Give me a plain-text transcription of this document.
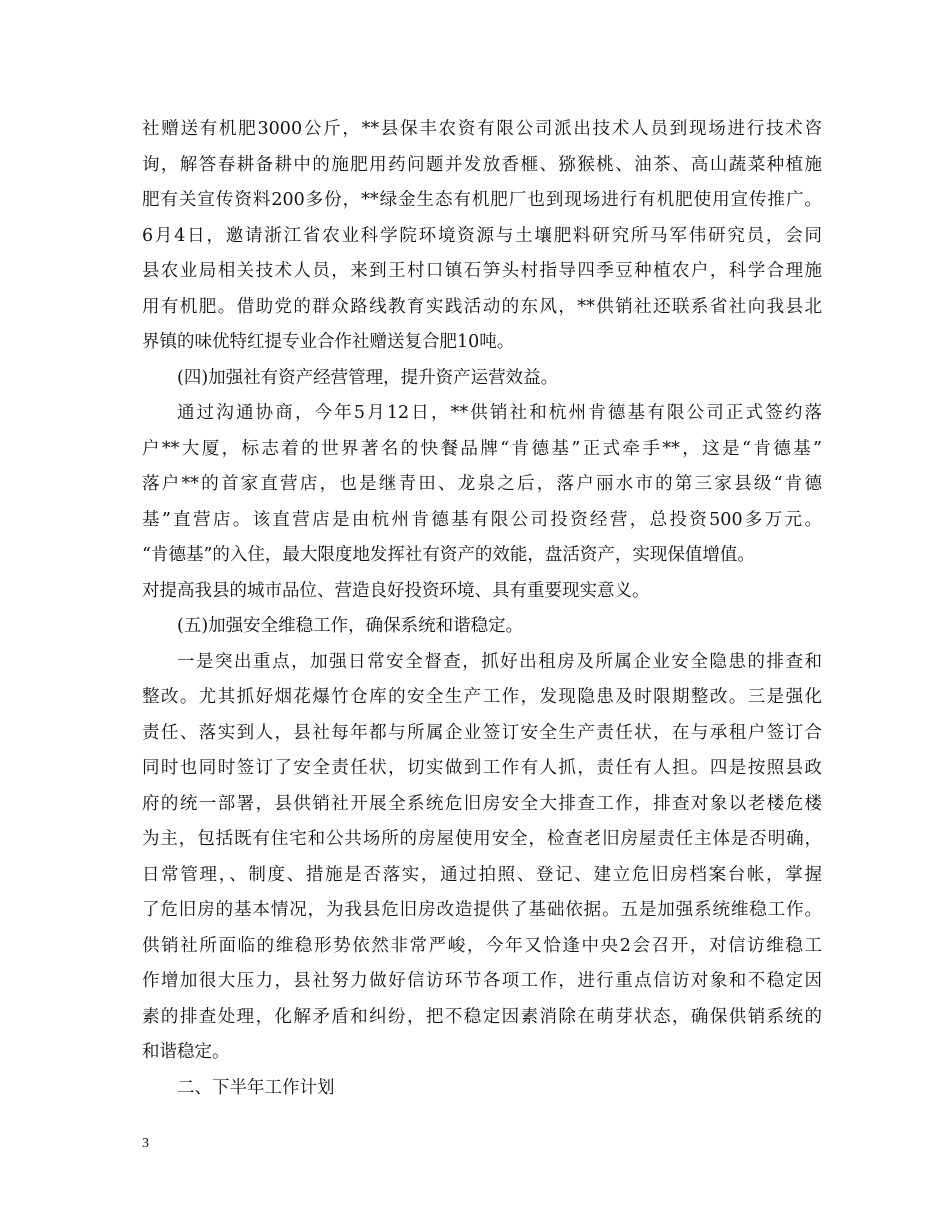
社赠送有机肥3000公斤，**县保丰农资有限公司派出技术人员到现场进行技术咨
询，解答春耕备耕中的施肥用药问题并发放香榧、猕猴桃、油茶、高山蔬菜种植施
肥有关宣传资料200多份，**绿金生态有机肥厂也到现场进行有机肥使用宣传推广。
6月4日，邀请浙江省农业科学院环境资源与土壤肥料研究所马军伟研究员，会同
县农业局相关技术人员，来到王村口镇石笋头村指导四季豆种植农户，科学合理施
用有机肥。借助党的群众路线教育实践活动的东风，**供销社还联系省社向我县北
界镇的味优特红提专业合作社赠送复合肥10吨。
(四)加强社有资产经营管理，提升资产运营效益。
通过沟通协商，今年5月12日，**供销社和杭州肯德基有限公司正式签约落
户**大厦，标志着的世界著名的快餐品牌“肯德基”正式牵手**，这是“肯德基”
落户**的首家直营店，也是继青田、龙泉之后，落户丽水市的第三家县级“肯德
基”直营店。该直营店是由杭州肯德基有限公司投资经营，总投资500多万元。
“肯德基”的入住，最大限度地发挥社有资产的效能，盘活资产，实现保值增值。
对提高我县的城市品位、营造良好投资环境、具有重要现实意义。
(五)加强安全维稳工作，确保系统和谐稳定。
一是突出重点，加强日常安全督查，抓好出租房及所属企业安全隐患的排查和
整改。尤其抓好烟花爆竹仓库的安全生产工作，发现隐患及时限期整改。三是强化
责任、落实到人，县社每年都与所属企业签订安全生产责任状，在与承租户签订合
同时也同时签订了安全责任状，切实做到工作有人抓，责任有人担。四是按照县政
府的统一部署，县供销社开展全系统危旧房安全大排查工作，排查对象以老楼危楼
为主，包括既有住宅和公共场所的房屋使用安全，检查老旧房屋责任主体是否明确，
日常管理，、制度、措施是否落实，通过拍照、登记、建立危旧房档案台帐，掌握
了危旧房的基本情况，为我县危旧房改造提供了基础依据。五是加强系统维稳工作。
供销社所面临的维稳形势依然非常严峻，今年又恰逢中央2会召开，对信访维稳工
作增加很大压力，县社努力做好信访环节各项工作，进行重点信访对象和不稳定因
素的排查处理，化解矛盾和纠纷，把不稳定因素消除在萌芽状态，确保供销系统的
和谐稳定。
二、下半年工作计划
3
